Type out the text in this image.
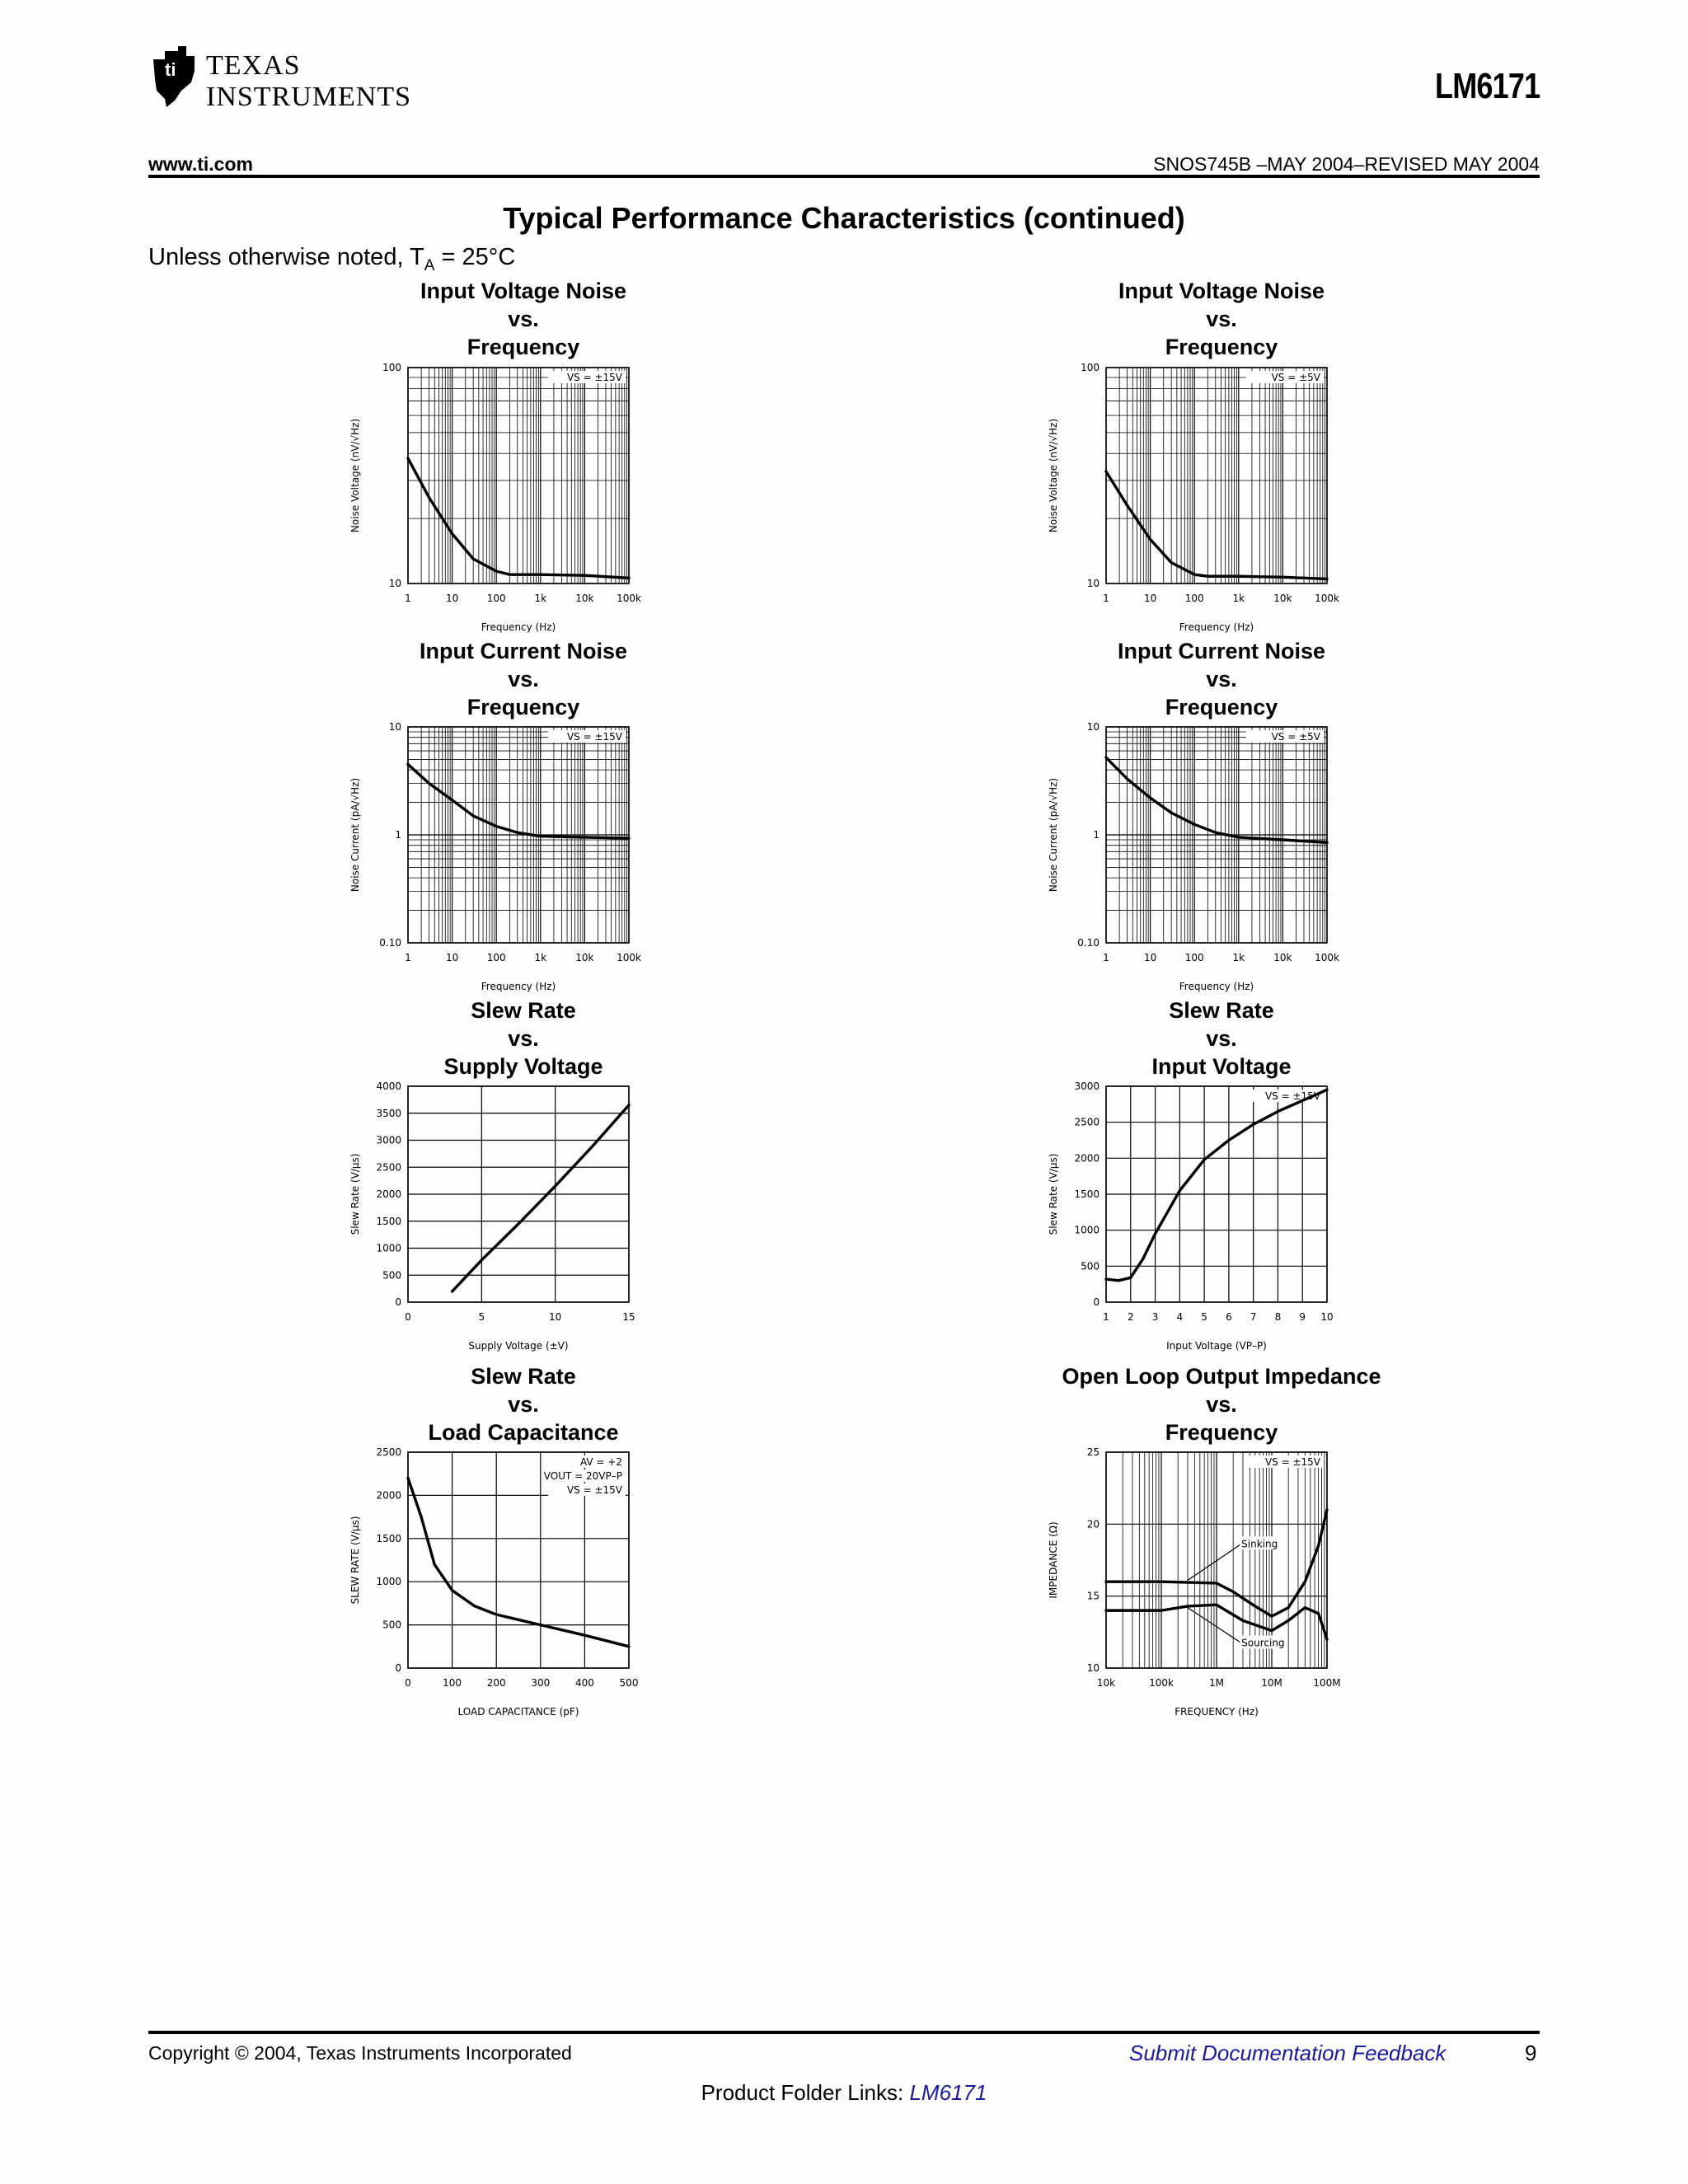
ti TEXAS
INSTRUMENTS	LM6171
www.ti.com	SNOS745B –MAY 2004–REVISED MAY 2004
Typical Performance Characteristics (continued)
Unless otherwise noted, $T_A = 25^\circ C$
Input Voltage Noise
vs.
Frequency
Input Voltage Noise
vs.
Frequency
Input Current Noise
vs.
Frequency
Input Current Noise
vs.
Frequency
Slew Rate
vs.
Supply Voltage
Slew Rate
vs.
Input Voltage
Slew Rate
vs.
Load Capacitance
Open Loop Output Impedance
vs.
Frequency
1	10	100	1k	10k 100k
10
100
Frequency (Hz)
Noise Voltage (nV/√Hz)
VS = ±15V
1	10	100	1k	10k 100k
10
100
Frequency (Hz)
Noise Voltage (nV/√Hz)
VS = ±5V
1	10	100	1k	10k 100k
0.10
1
10
Frequency (Hz)
Noise Current (pA/√Hz)
VS = ±15V
1	10	100	1k	10k 100k
0.10
1
10
Frequency (Hz)
Noise Current (pA/√Hz)
VS = ±5V
0	5	10	15
0
500
1000
1500
2000
2500
3000
3500
4000
Supply Voltage (±V)
Slew Rate (V/µs)
1 2 3 4 5 6 7 8 9 10
0
500
1000
1500
2000
2500
3000
Input Voltage (VP–P)
Slew Rate (V/µs)
VS = ±15V
0	100	200	300	400	500
0
500
1000
1500
2000
2500
LOAD CAPACITANCE (pF)
SLEW RATE (V/µs)
AV = +2
VOUT = 20VP–P
VS = ±15V
10k	100k	1M	10M	100M
10
15
20
25
FREQUENCY (Hz)
IMPEDANCE (Ω)
VS = ±15V
Sinking
Sourcing
Copyright © 2004, Texas Instruments Incorporated	Submit Documentation Feedback	9
Product Folder Links: LM6171
